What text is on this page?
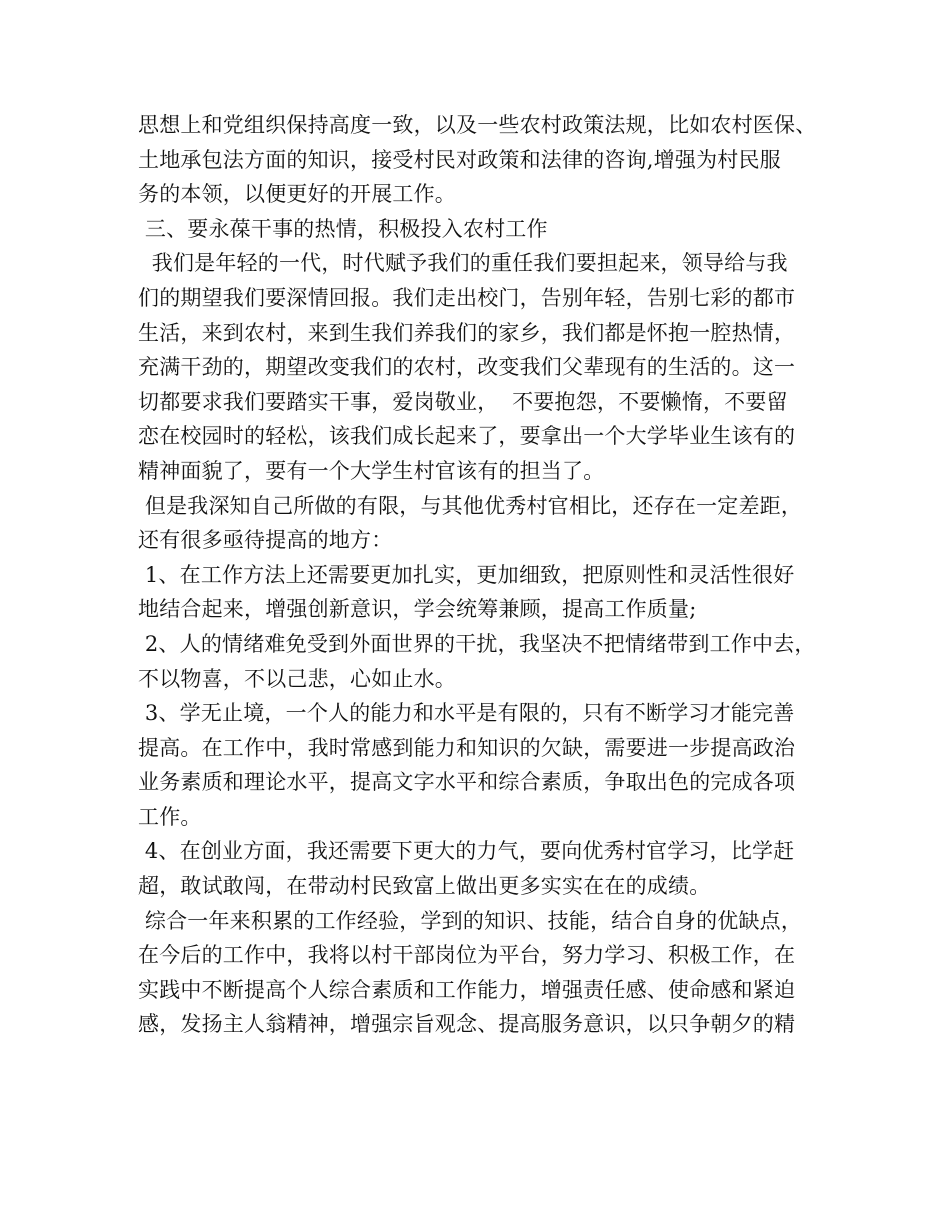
思想上和党组织保持高度一致，以及一些农村政策法规，比如农村医保、
土地承包法方面的知识，接受村民对政策和法律的咨询,增强为村民服
务的本领，以便更好的开展工作。
三、要永葆干事的热情，积极投入农村工作
我们是年轻的一代，时代赋予我们的重任我们要担起来，领导给与我
们的期望我们要深情回报。我们走出校门，告别年轻，告别七彩的都市
生活，来到农村，来到生我们养我们的家乡，我们都是怀抱一腔热情，
充满干劲的，期望改变我们的农村，改变我们父辈现有的生活的。这一
切都要求我们要踏实干事，爱岗敬业，  不要抱怨，不要懒惰，不要留
恋在校园时的轻松，该我们成长起来了，要拿出一个大学毕业生该有的
精神面貌了，要有一个大学生村官该有的担当了。
但是我深知自己所做的有限，与其他优秀村官相比，还存在一定差距，
还有很多亟待提高的地方：
1、在工作方法上还需要更加扎实，更加细致，把原则性和灵活性很好
地结合起来，增强创新意识，学会统筹兼顾，提高工作质量;
2、人的情绪难免受到外面世界的干扰，我坚决不把情绪带到工作中去，
不以物喜，不以己悲，心如止水。
3、学无止境，一个人的能力和水平是有限的，只有不断学习才能完善
提高。在工作中，我时常感到能力和知识的欠缺，需要进一步提高政治
业务素质和理论水平，提高文字水平和综合素质，争取出色的完成各项
工作。
4、在创业方面，我还需要下更大的力气，要向优秀村官学习，比学赶
超，敢试敢闯，在带动村民致富上做出更多实实在在的成绩。
综合一年来积累的工作经验，学到的知识、技能，结合自身的优缺点，
在今后的工作中，我将以村干部岗位为平台，努力学习、积极工作，在
实践中不断提高个人综合素质和工作能力，增强责任感、使命感和紧迫
感，发扬主人翁精神，增强宗旨观念、提高服务意识，以只争朝夕的精
